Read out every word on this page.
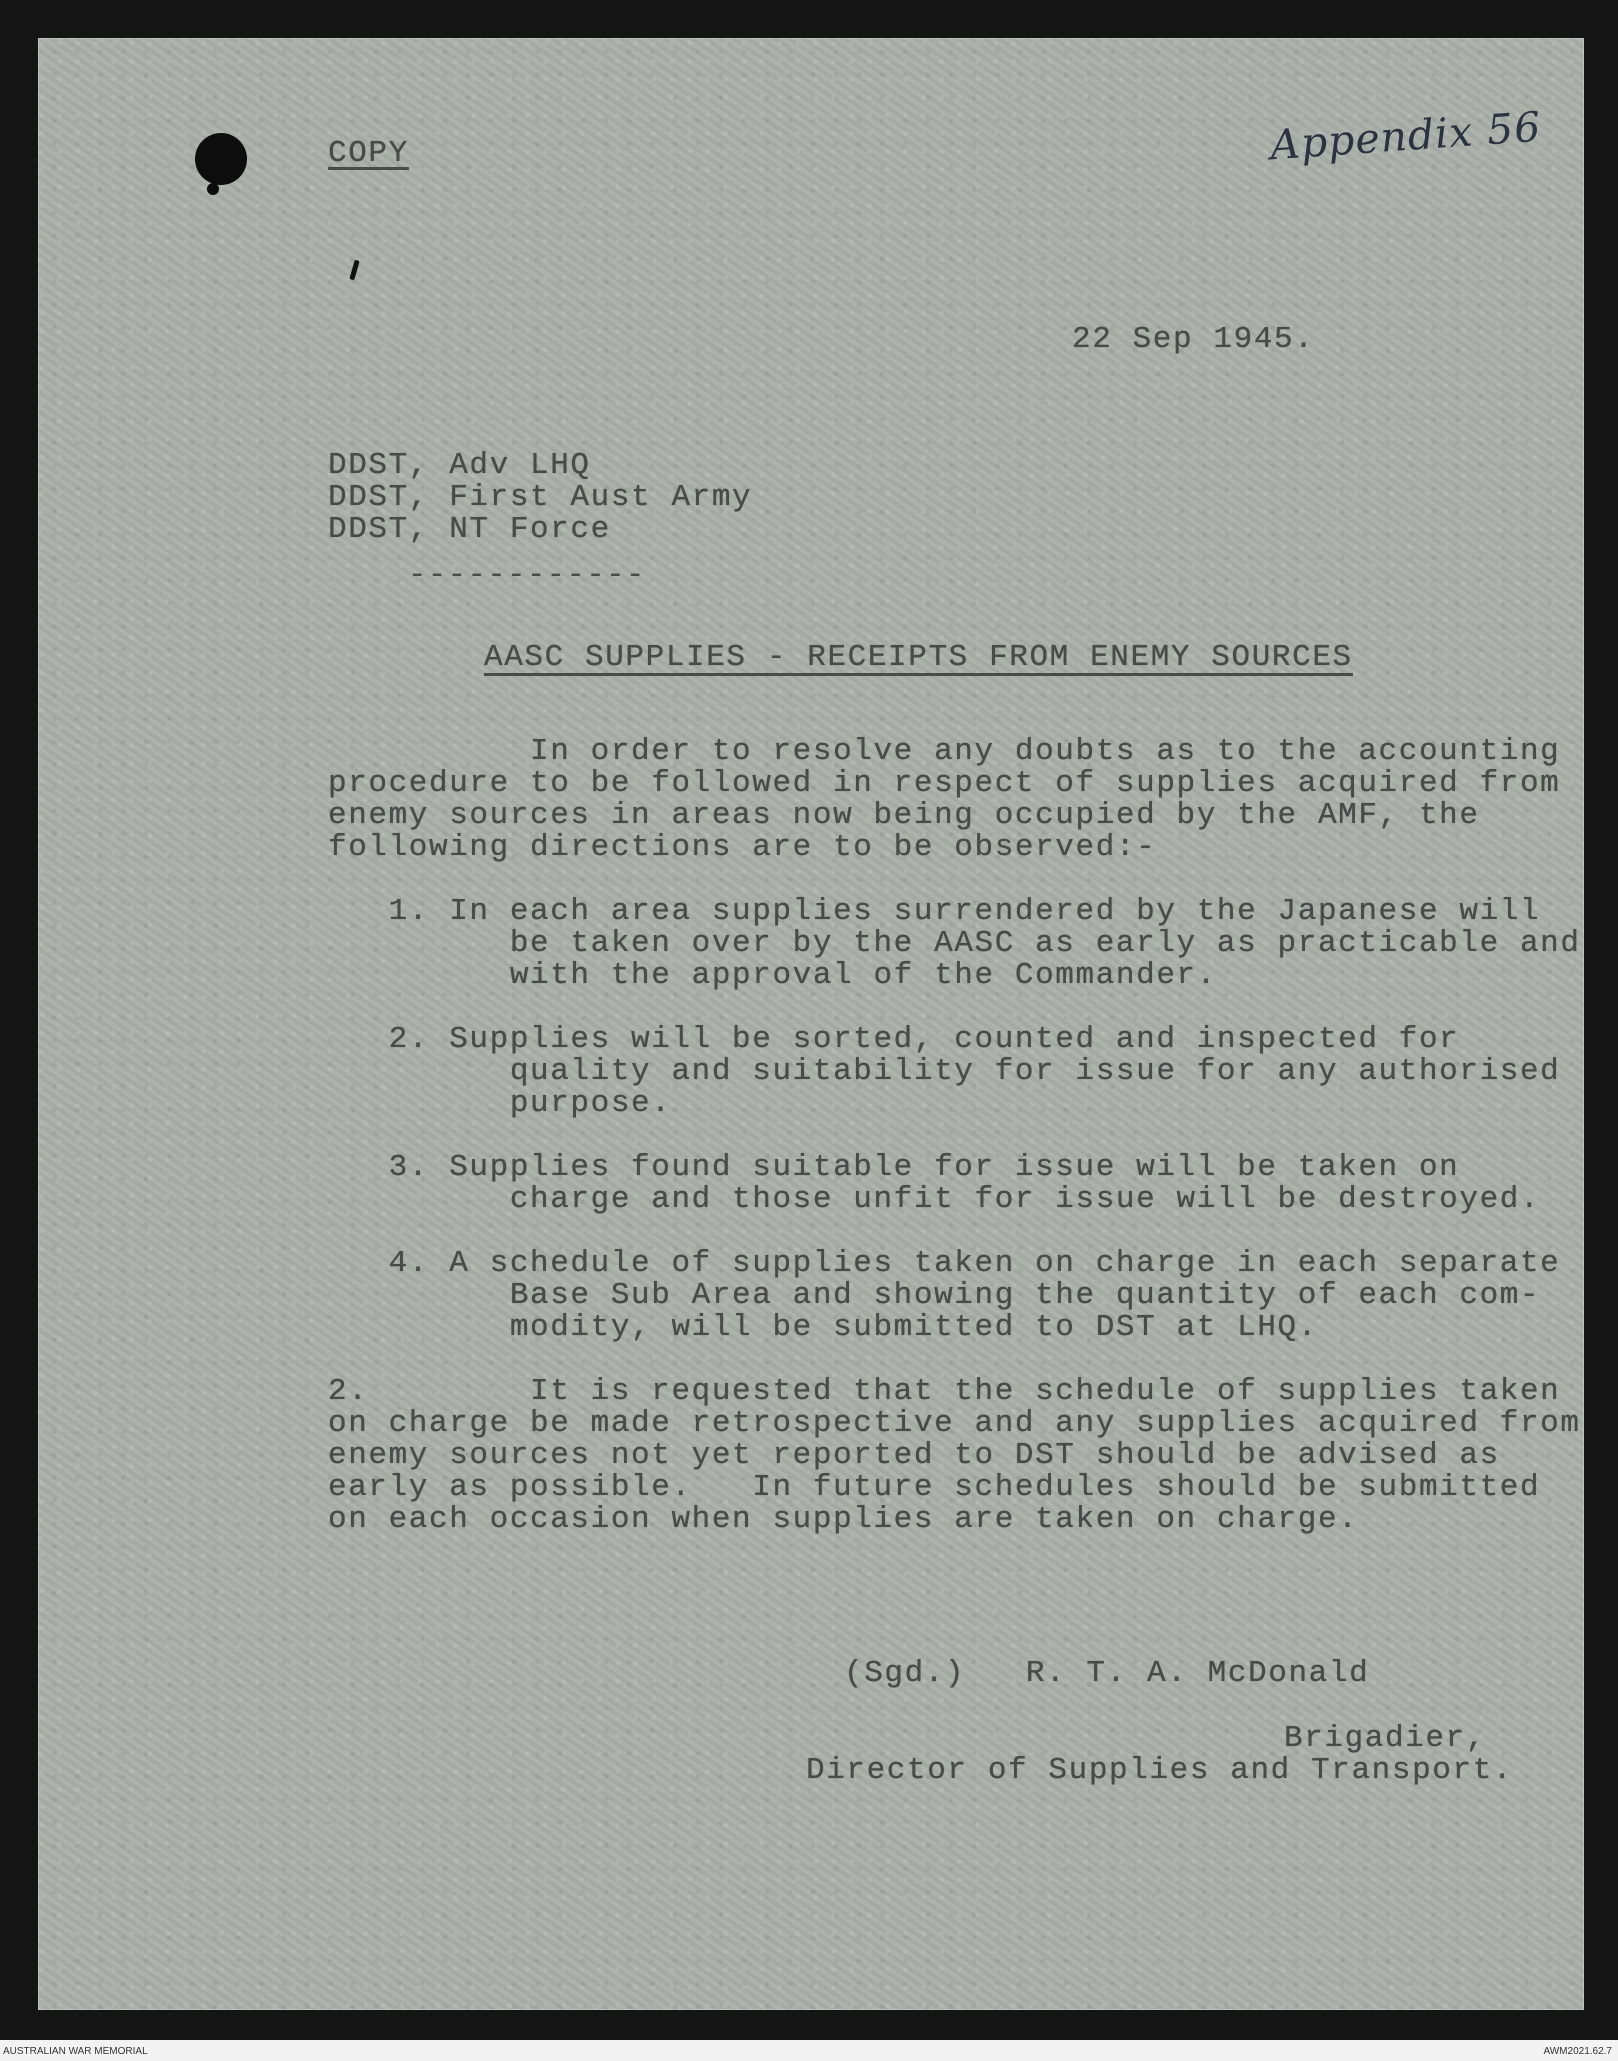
COPY	Appendix 56
22 Sep 1945.
DDST, Adv LHQ
DDST, First Aust Army
DDST, NT Force
------------
AASC SUPPLIES - RECEIPTS FROM ENEMY SOURCES
In order to resolve any doubts as to the accounting
procedure to be followed in respect of supplies acquired from
enemy sources in areas now being occupied by the AMF, the
following directions are to be observed:-
1. In each area supplies surrendered by the Japanese will
be taken over by the AASC as early as practicable and
with the approval of the Commander.
2. Supplies will be sorted, counted and inspected for
quality and suitability for issue for any authorised
purpose.
3. Supplies found suitable for issue will be taken on
charge and those unfit for issue will be destroyed.
4. A schedule of supplies taken on charge in each separate
Base Sub Area and showing the quantity of each com-
modity, will be submitted to DST at LHQ.
2.        It is requested that the schedule of supplies taken
on charge be made retrospective and any supplies acquired from
enemy sources not yet reported to DST should be advised as
early as possible.   In future schedules should be submitted
on each occasion when supplies are taken on charge.
(Sgd.)   R. T. A. McDonald
Brigadier,
Director of Supplies and Transport.
AUSTRALIAN WAR MEMORIAL	AWM2021.62.7
